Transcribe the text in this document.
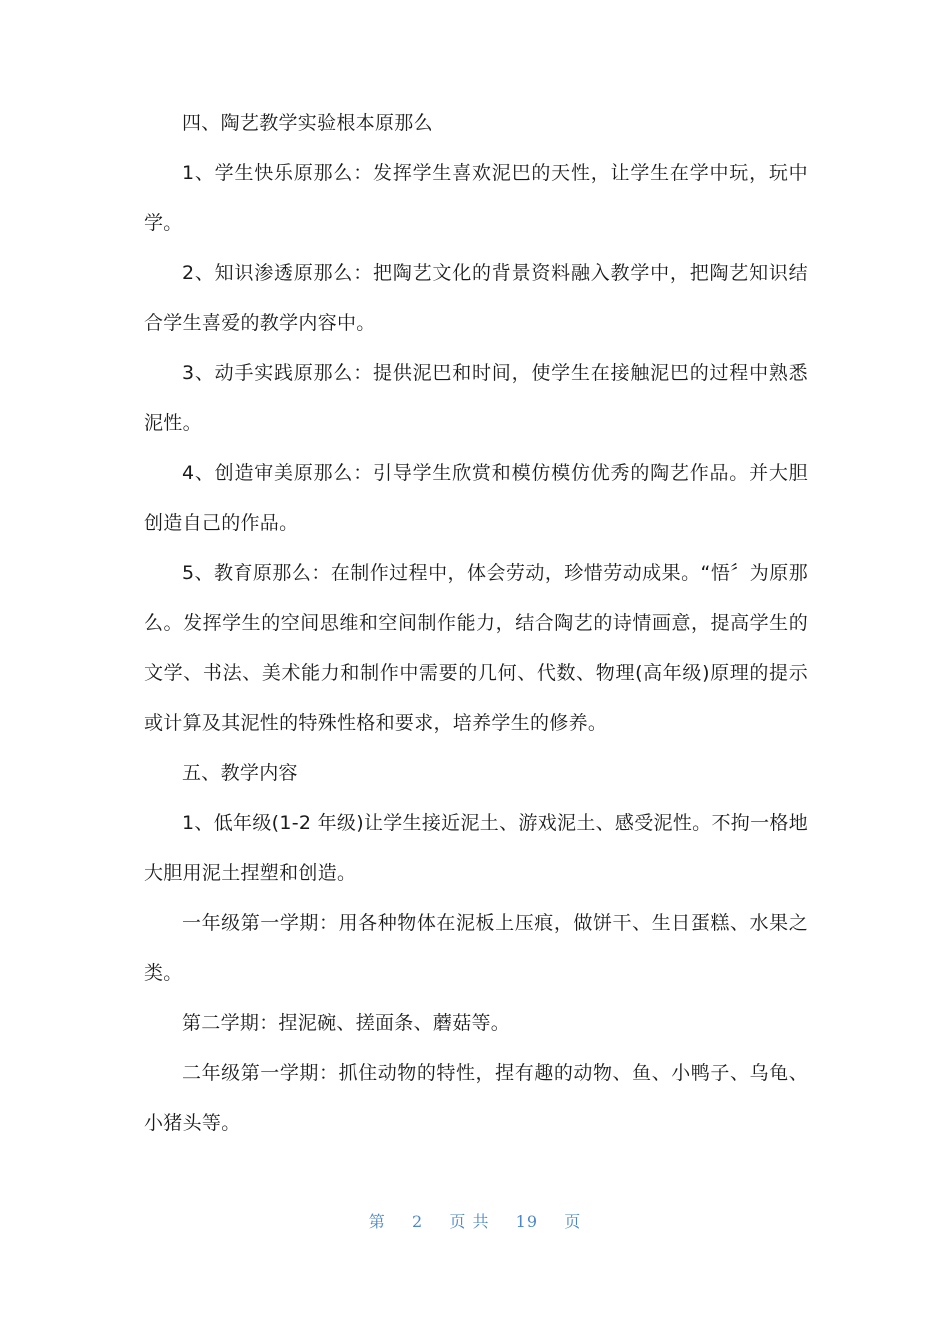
四、陶艺教学实验根本原那么

1、学生快乐原那么：发挥学生喜欢泥巴的天性，让学生在学中玩，玩中学。

2、知识渗透原那么：把陶艺文化的背景资料融入教学中，把陶艺知识结合学生喜爱的教学内容中。

3、动手实践原那么：提供泥巴和时间，使学生在接触泥巴的过程中熟悉泥性。

4、创造审美原那么：引导学生欣赏和模仿模仿优秀的陶艺作品。并大胆创造自己的作品。

5、教育原那么：在制作过程中，体会劳动，珍惜劳动成果。“悟〞为原那么。发挥学生的空间思维和空间制作能力，结合陶艺的诗情画意，提高学生的文学、书法、美术能力和制作中需要的几何、代数、物理(高年级)原理的提示或计算及其泥性的特殊性格和要求，培养学生的修养。

五、教学内容

1、低年级(1-2 年级)让学生接近泥土、游戏泥土、感受泥性。不拘一格地大胆用泥土捏塑和创造。

一年级第一学期：用各种物体在泥板上压痕，做饼干、生日蛋糕、水果之类。

第二学期：捏泥碗、搓面条、蘑菇等。

二年级第一学期：抓住动物的特性，捏有趣的动物、鱼、小鸭子、乌龟、小猪头等。

第 2 页 共 19 页
